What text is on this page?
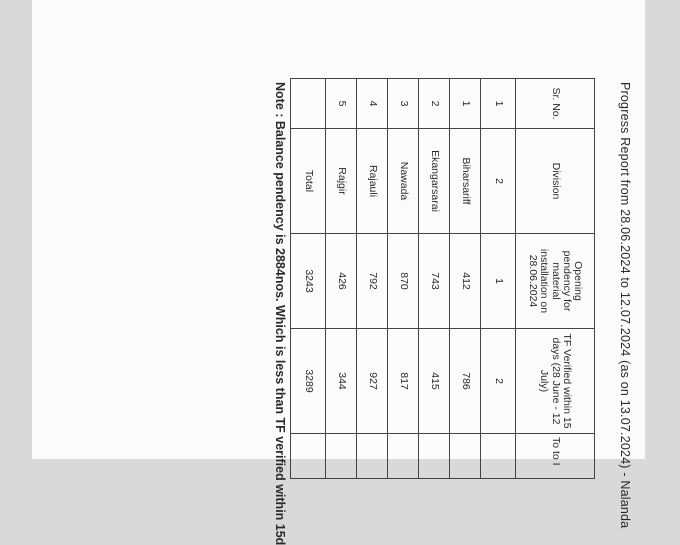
Progress Report from 28.06.2024 to 12.07.2024 (as on 13.07.2024) - Nalanda
Sr. No.	Division	Opening pendency for material installation on 28.06.2024	TF Verified within 15 days (28 June - 12 July)	To to I
1	2	1	2	
1	Biharsariff	412	786	
2	Ekangarsarai	743	415	
3	Nawada	870	817	
4	Rajauli	792	927	
5	Rajgir	426	344	
	Total	3243	3289	
Note : Balance pendency is 2884nos. Which is less than TF verified within 15d
